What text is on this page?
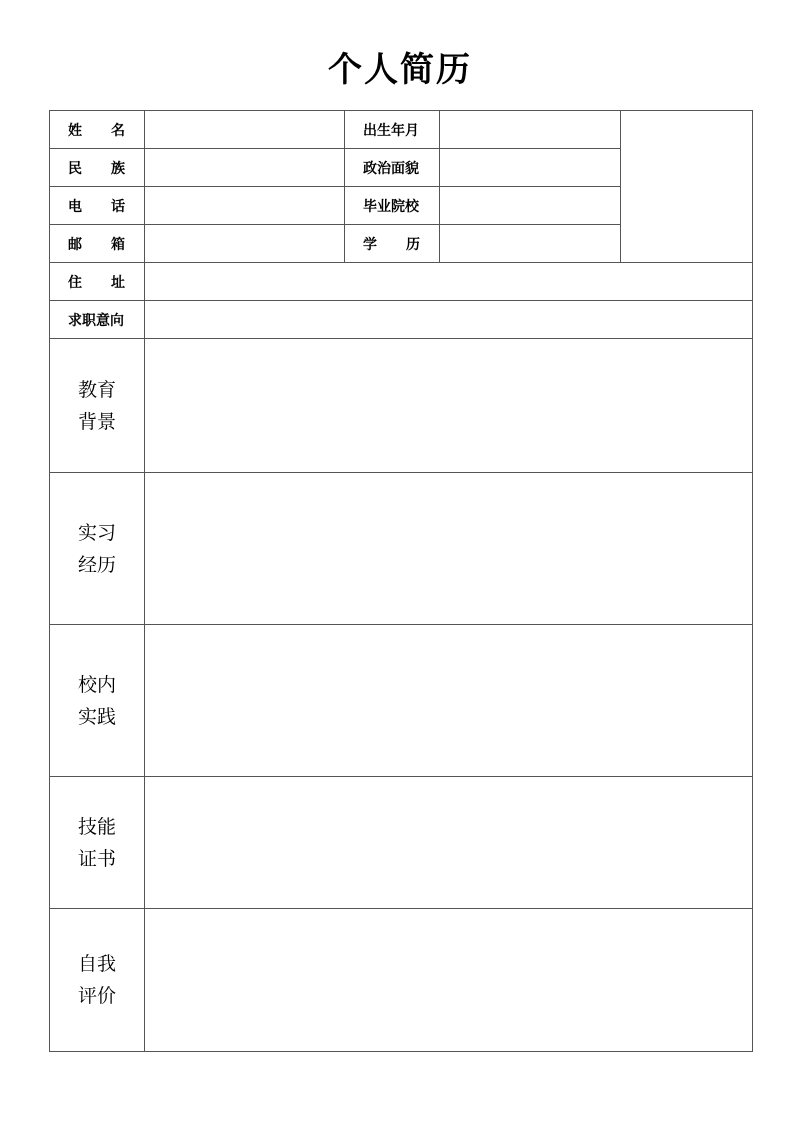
个人简历
姓 名		出生年月		

民 族		政治面貌		

电 话		毕业院校		

邮 箱		学 历		

住 址				

求职意向				

教育
背景				

实习
经历				

校内
实践				

技能
证书				

自我
评价				
